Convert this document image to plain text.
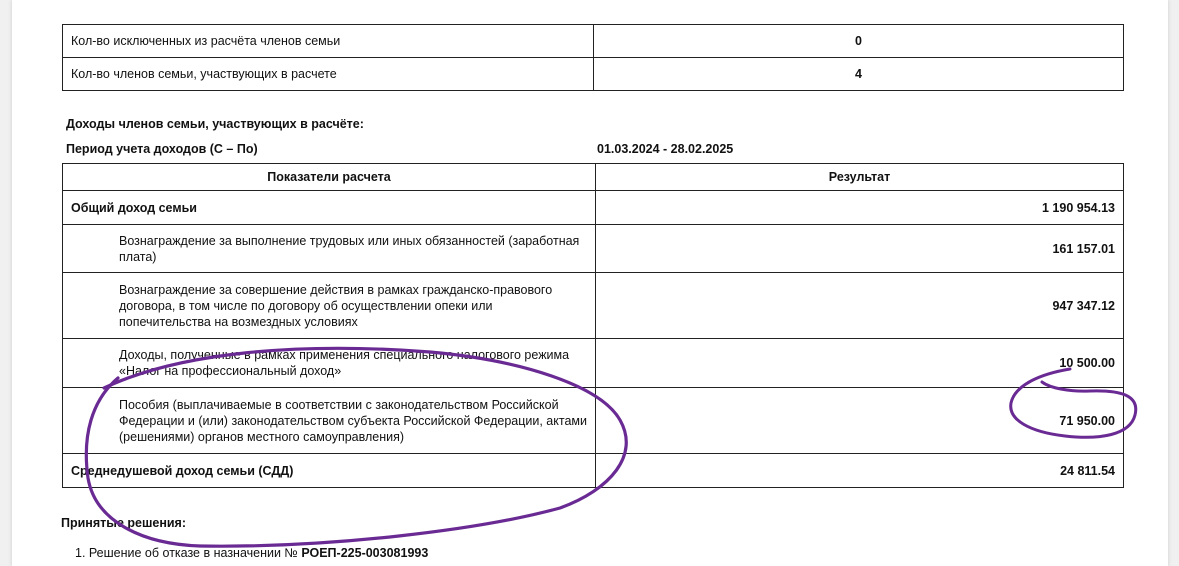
Кол-во исключенных из расчёта членов семьи	0
Кол-во членов семьи, участвующих в расчете	4
Доходы членов семьи, участвующих в расчёте:
Период учета доходов (С – По)	01.03.2024 - 28.02.2025
Показатели расчета	Результат
Общий доход семьи	1 190 954.13
Вознаграждение за выполнение трудовых или иных обязанностей (заработная плата)	161 157.01
Вознаграждение за совершение действия в рамках гражданско-правового договора, в том числе по договору об осуществлении опеки или попечительства на возмездных условиях	947 347.12
Доходы, полученные в рамках применения специального налогового режима «Налог на профессиональный доход»	10 500.00
Пособия (выплачиваемые в соответствии с законодательством Российской Федерации и (или) законодательством субъекта Российской Федерации, актами (решениями) органов местного самоуправления)	71 950.00
Среднедушевой доход семьи (СДД)	24 811.54
Принятые решения:
1. Решение об отказе в назначении № РОЕП-225-003081993
